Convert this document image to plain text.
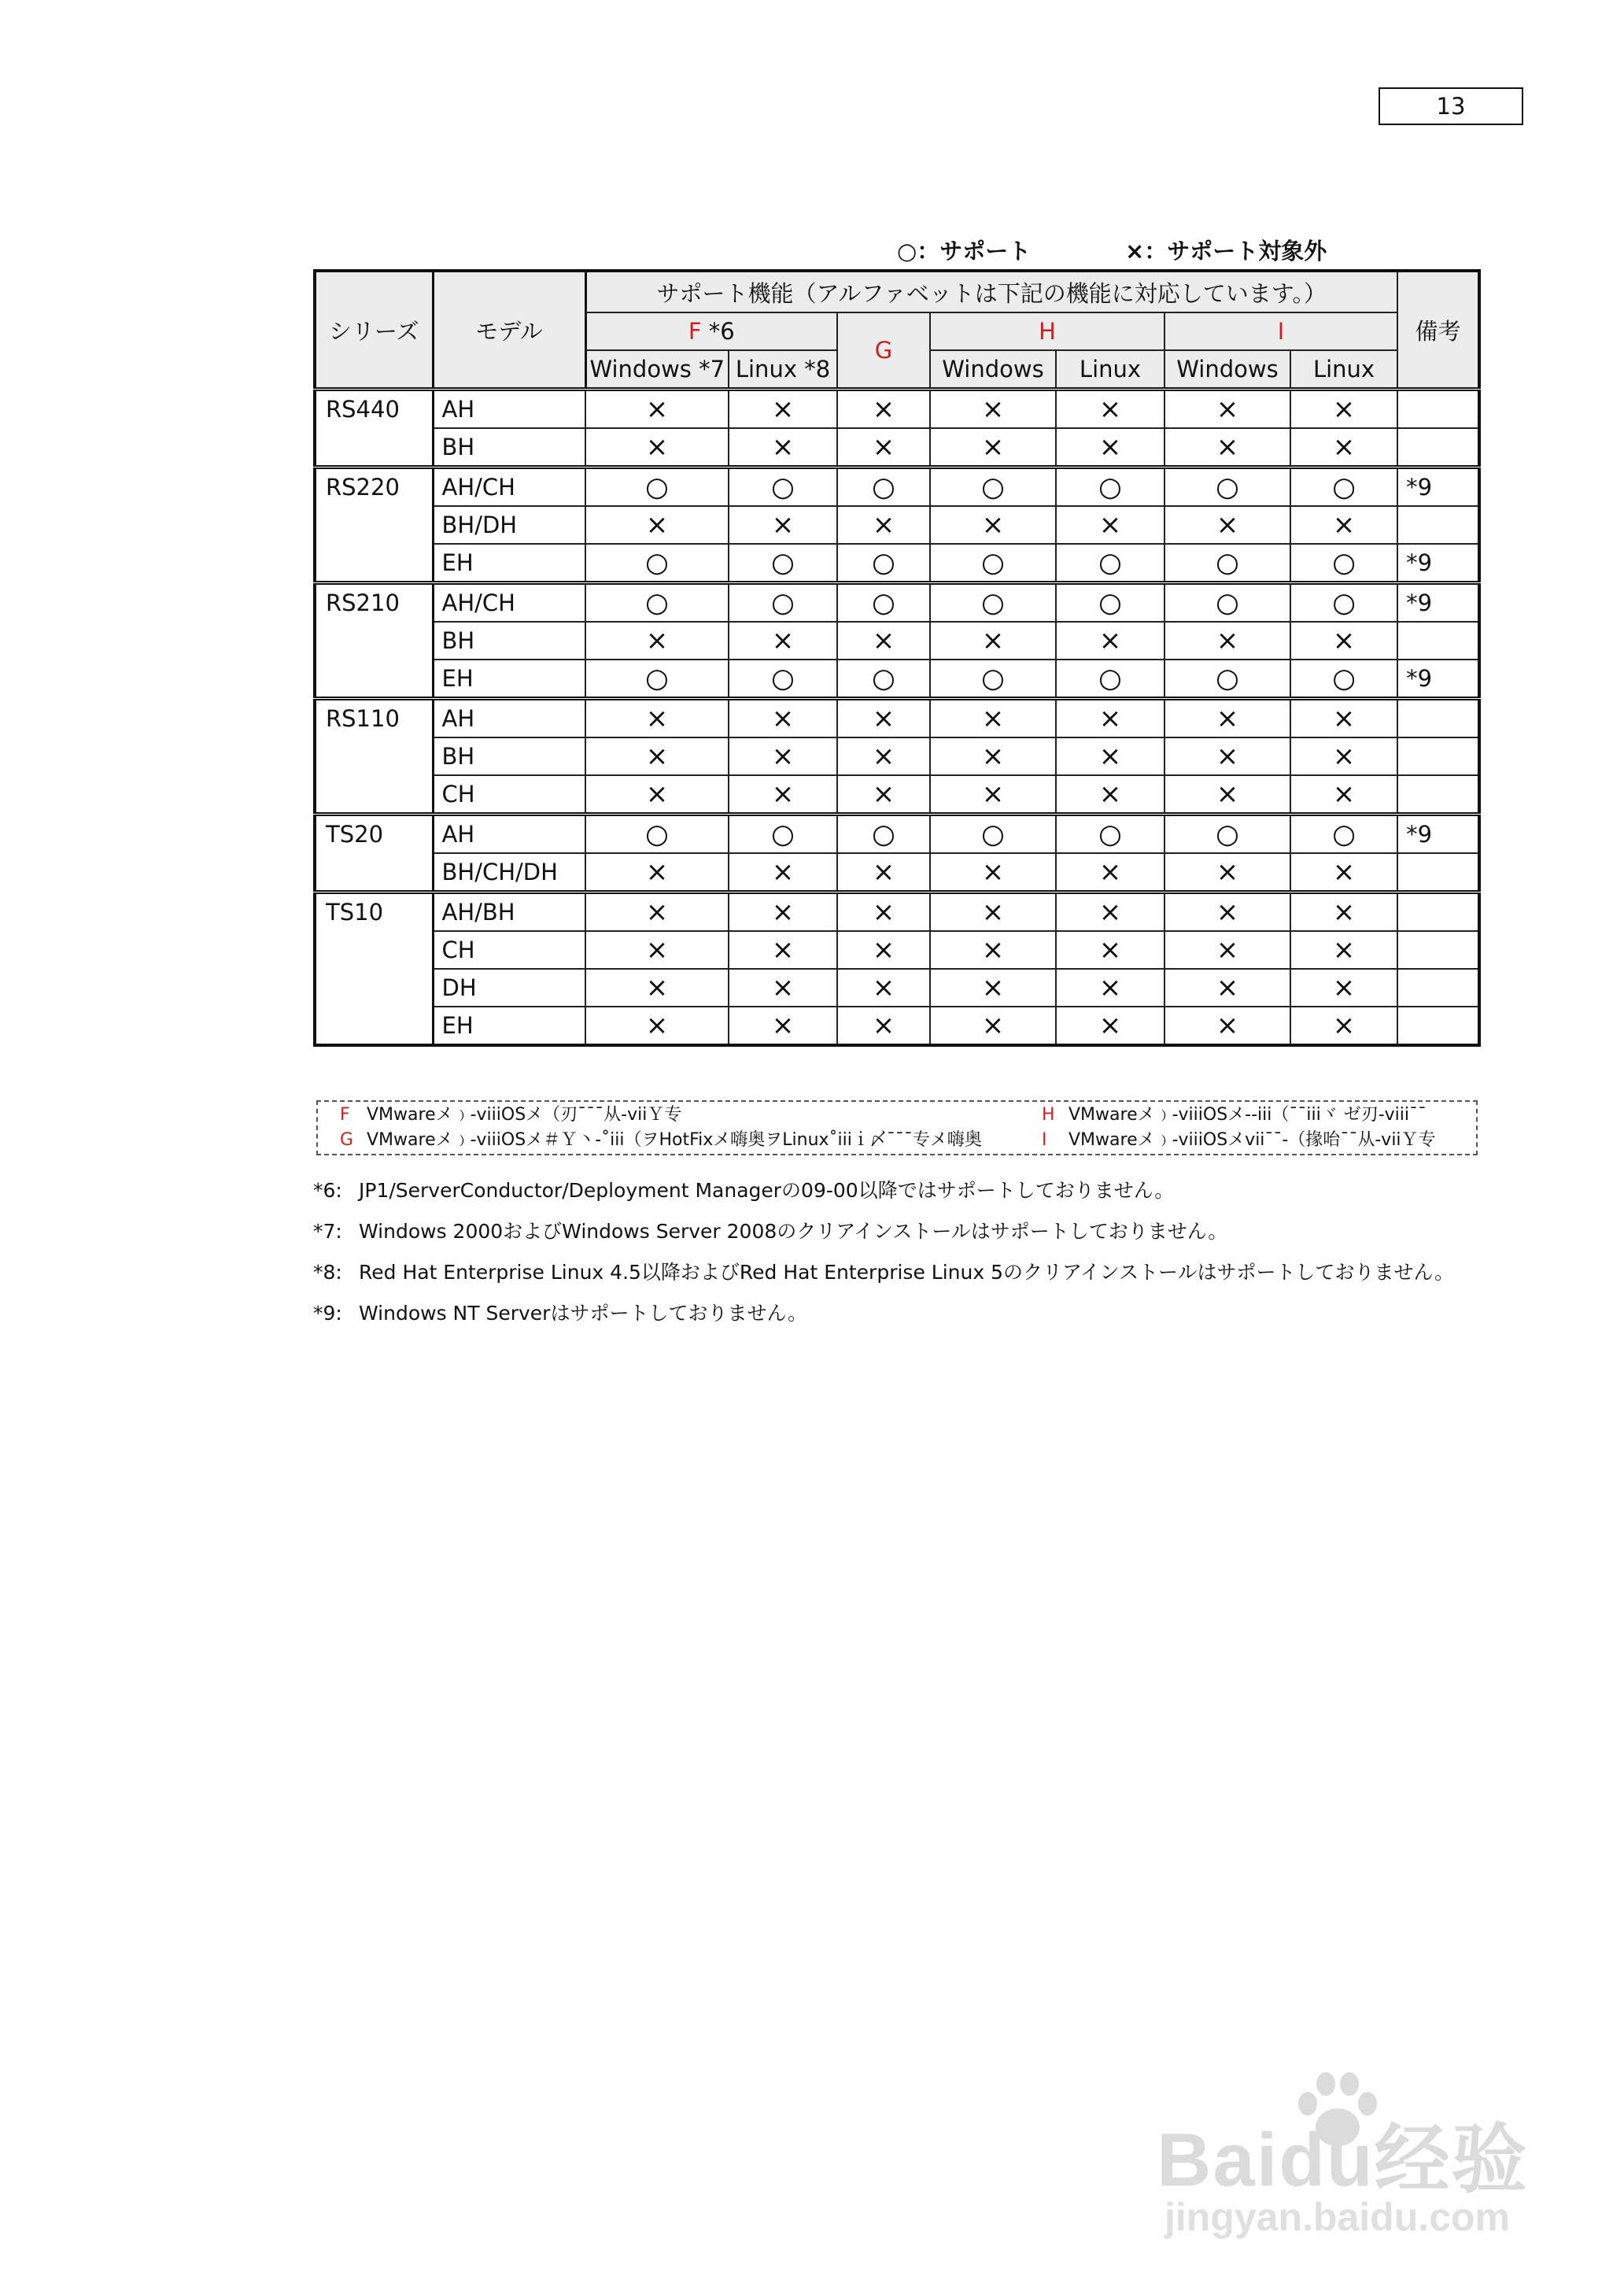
13
○：サポート	×：サポート対象外
シリーズ	モデル	サポート機能（アルファベットは下記の機能に対応しています。）							備考
		F *6		G	H		I		
		Windows *7	Linux *8		Windows	Linux	Windows	Linux	
RS440	AH	×	×	×	×	×	×	×	
	BH	×	×	×	×	×	×	×	
RS220	AH/CH	○	○	○	○	○	○	○	*9
	BH/DH	×	×	×	×	×	×	×	
	EH	○	○	○	○	○	○	○	*9
RS210	AH/CH	○	○	○	○	○	○	○	*9
	BH	×	×	×	×	×	×	×	
	EH	○	○	○	○	○	○	○	*9
RS110	AH	×	×	×	×	×	×	×	
	BH	×	×	×	×	×	×	×	
	CH	×	×	×	×	×	×	×	
TS20	AH	○	○	○	○	○	○	○	*9
	BH/CH/DH	×	×	×	×	×	×	×	
TS10	AH/BH	×	×	×	×	×	×	×	
	CH	×	×	×	×	×	×	×	
	DH	×	×	×	×	×	×	×	
	EH	×	×	×	×	×	×	×	
F VMwareメ﹚-viiiOSメ（刃¯¯¯从-viiＹ专
G VMwareメ﹚-viiiOSメ＃Ｙ丶-˚iii（ヲHotFixメ嗨奥ヲLinux˚iiiｉ〆¯¯¯专メ嗨奥
H VMwareメ﹚-viiiOSメ--iii（¯¯iiiヾ ゼ刃-viii¯¯
I VMwareメ﹚-viiiOSメvii¯¯-（掾咍¯¯从-viiＹ专
*6: JP1/ServerConductor/Deployment Managerの09-00以降ではサポートしておりません。
*7: Windows 2000およびWindows Server 2008のクリアインストールはサポートしておりません。
*8: Red Hat Enterprise Linux 4.5以降およびRed Hat Enterprise Linux 5のクリアインストールはサポートしておりません。
*9: Windows NT Serverはサポートしておりません。
Baidu经验
jingyan.baidu.com
